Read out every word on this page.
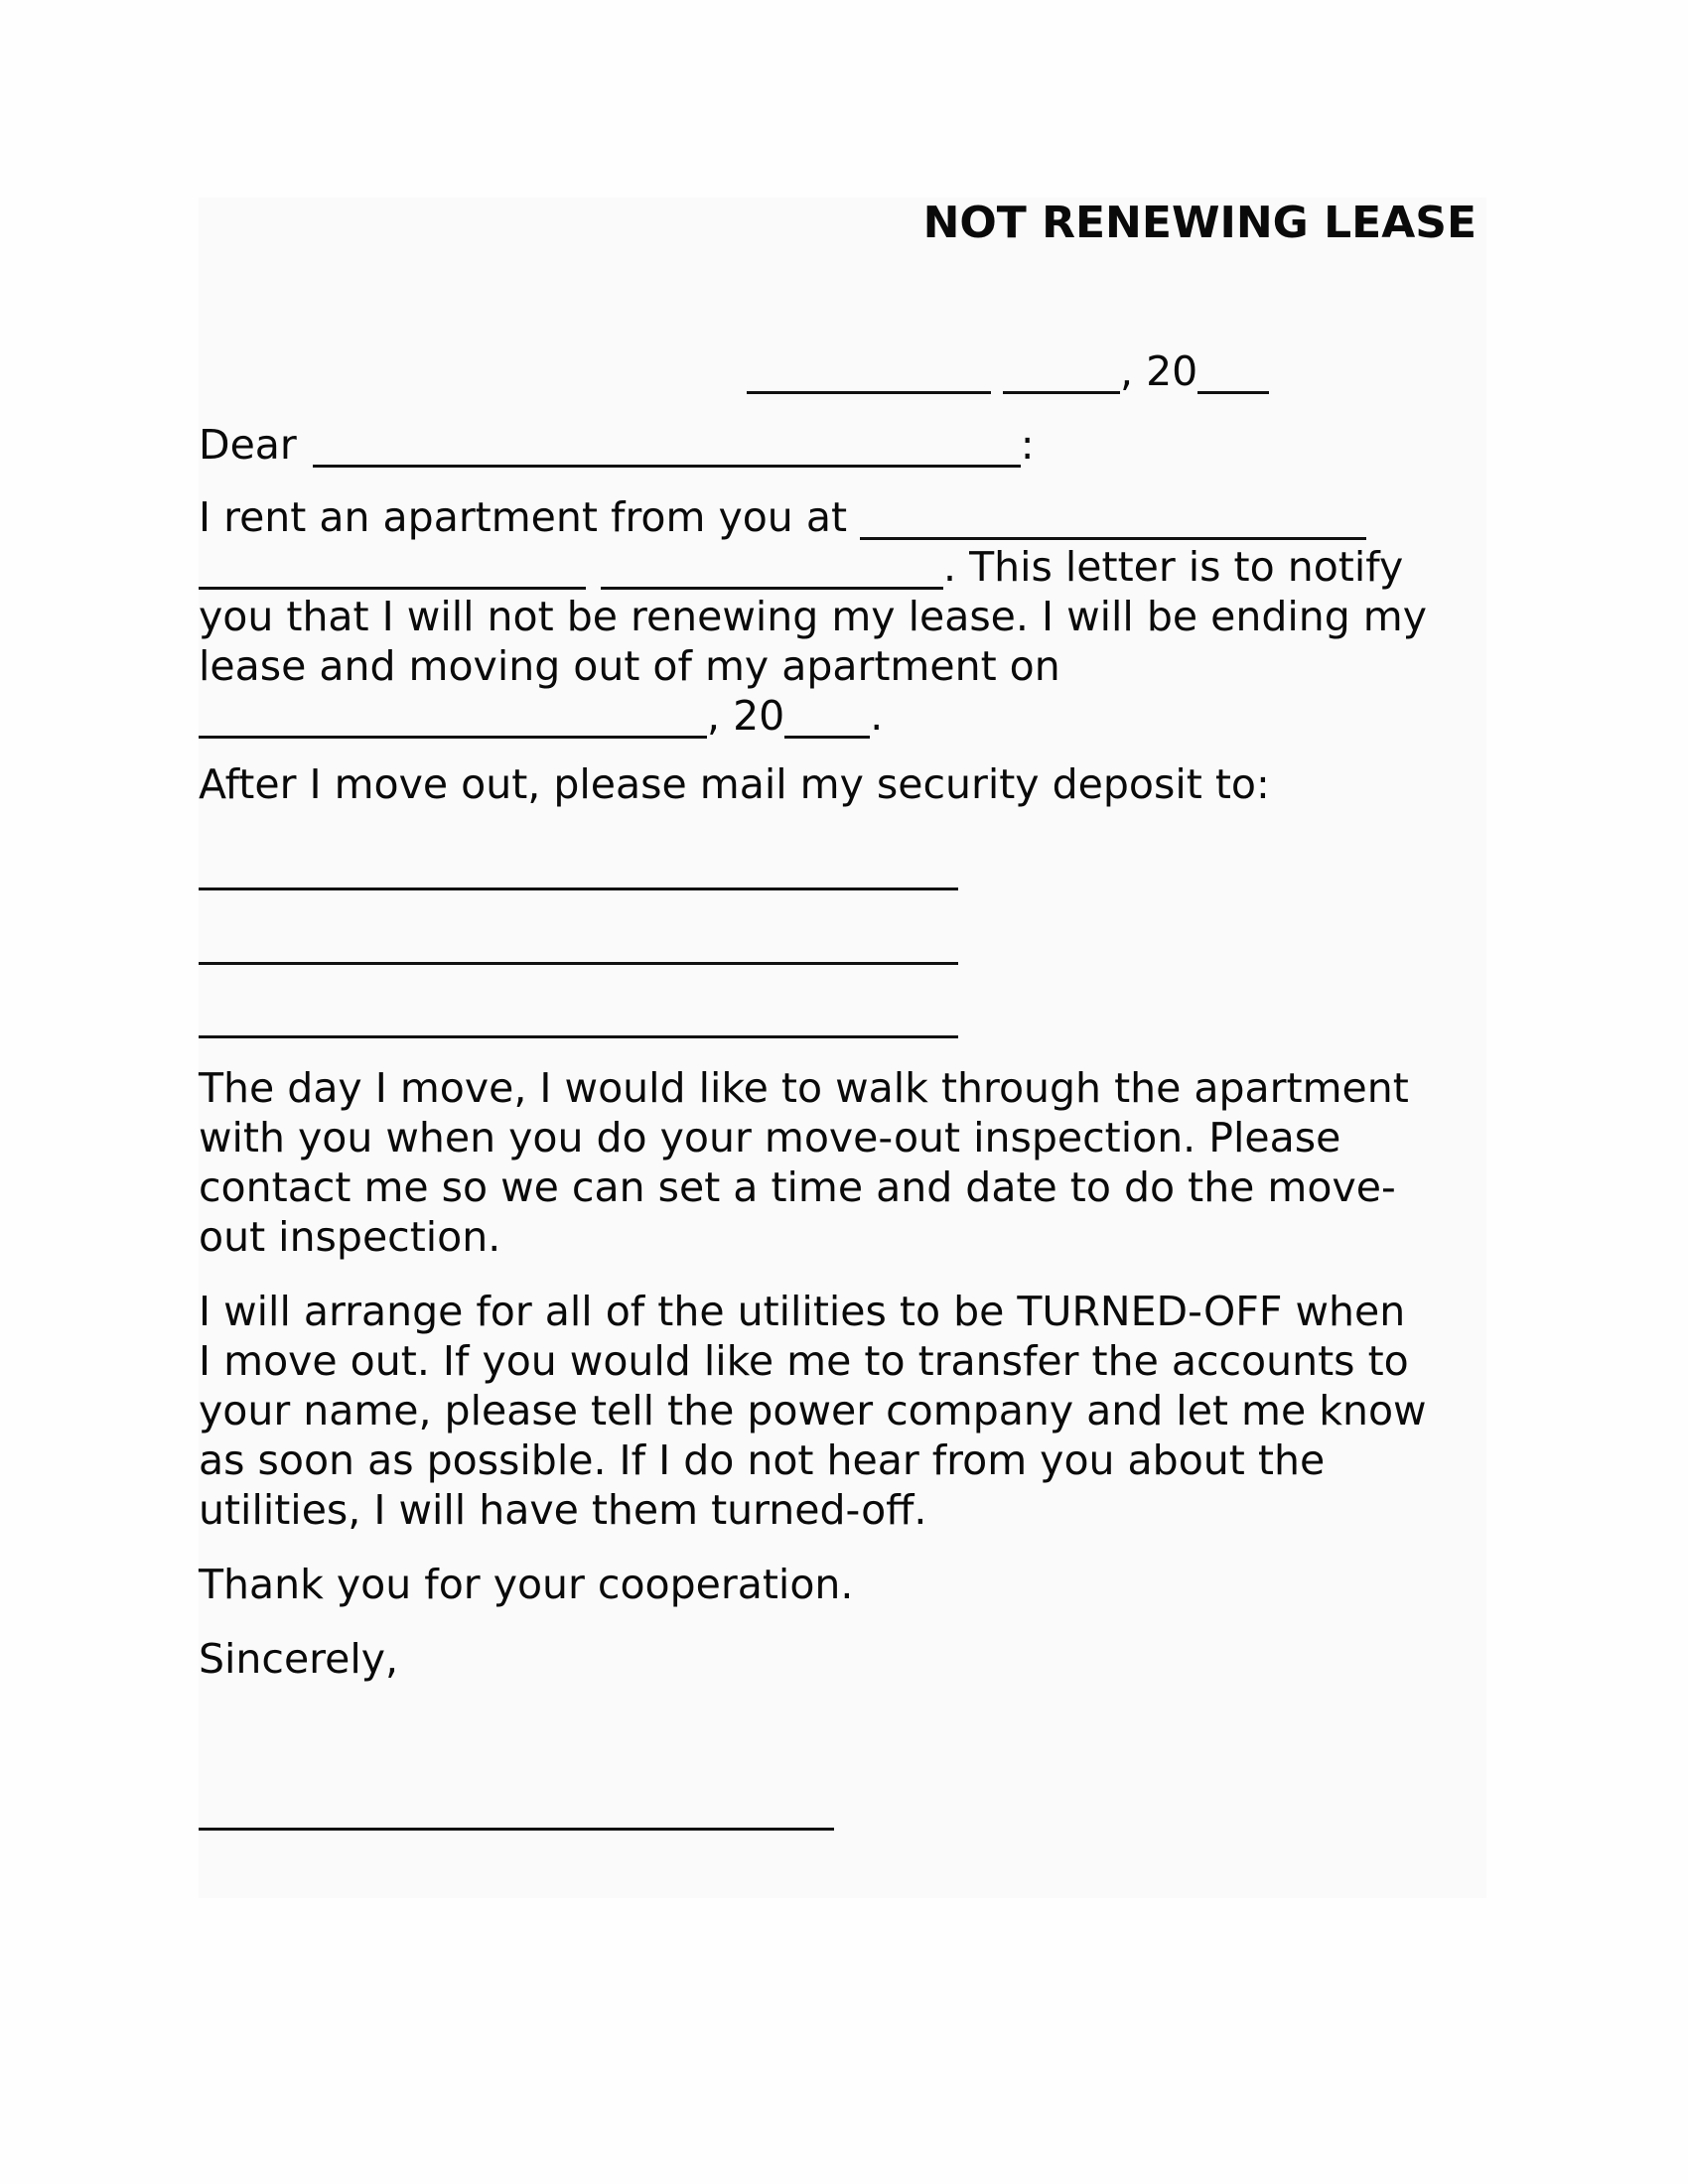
NOT RENEWING LEASE
, 20
Dear	:
I rent an apartment from you at
. This letter is to notify
you that I will not be renewing my lease. I will be ending my
lease and moving out of my apartment on
, 20 .
After I move out, please mail my security deposit to:
The day I move, I would like to walk through the apartment
with you when you do your move-out inspection. Please
contact me so we can set a time and date to do the move-
out inspection.
I will arrange for all of the utilities to be TURNED-OFF when
I move out. If you would like me to transfer the accounts to
your name, please tell the power company and let me know
as soon as possible. If I do not hear from you about the
utilities, I will have them turned-off.
Thank you for your cooperation.
Sincerely,
